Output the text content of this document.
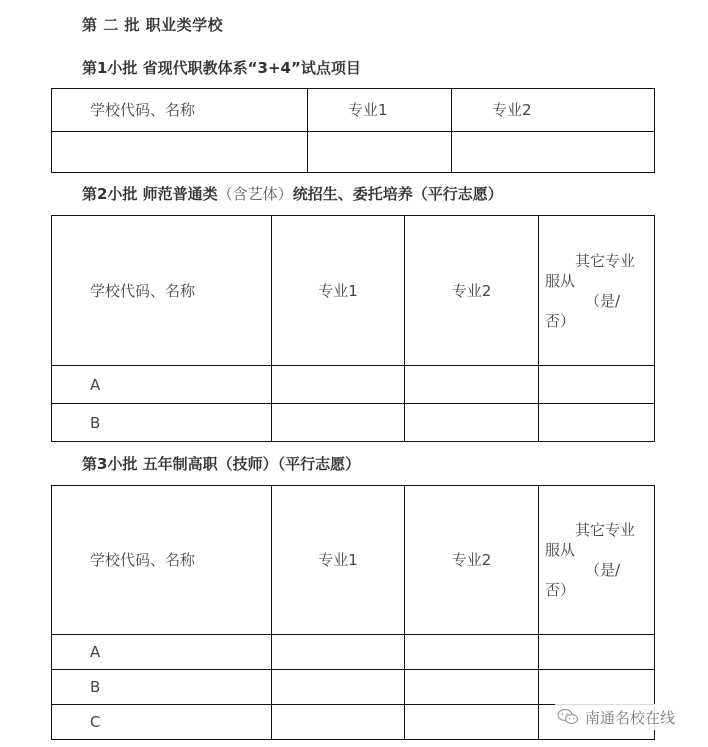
第 二 批 职业类学校
第1小批 省现代职教体系“3+4”试点项目
学校代码、名称	专业1	专业2

第2小批 师范普通类（含艺体）统招生、委托培养（平行志愿）
学校代码、名称	专业1	专业2	其它专业
服从
（是/
否）

A			
B			
第3小批 五年制高职（技师）（平行志愿）
学校代码、名称	专业1	专业2	其它专业
服从
（是/
否）

A			
B			
C				南通名校在线
